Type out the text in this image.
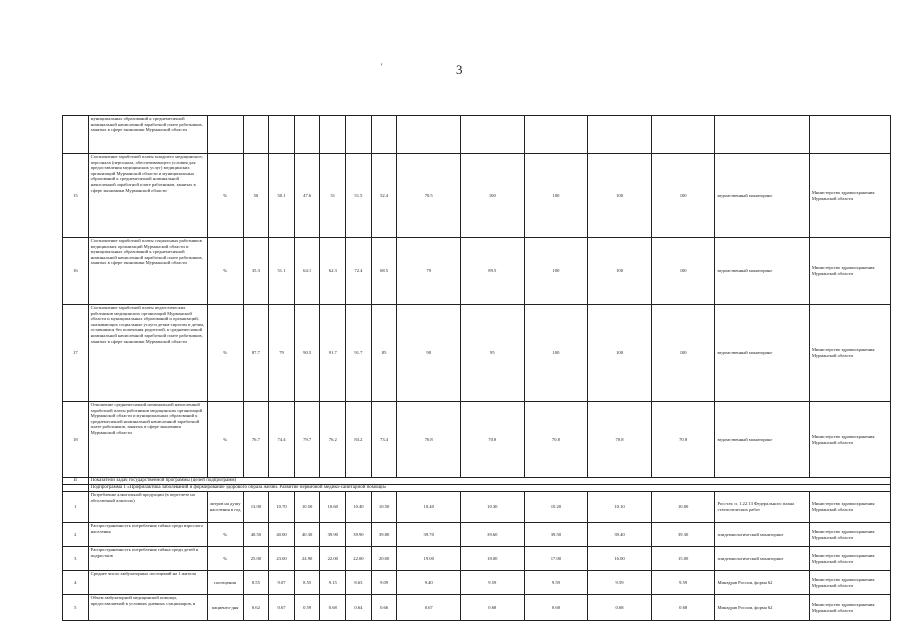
'	3
	муниципальных образований к среднемесячной номинальной начисленной заработной плате работников, занятых в сфере экономики Мурманской области														
15	Соотношение заработной платы младшего медицинского персонала (персонала, обеспечивающего условия для предоставления медицинских услуг) медицинских организаций Мурманской области и муниципальных образований к среднемесячной номинальной начисленной заработной плате работников, занятых в сфере экономики Мурманской области	%	50	50.1	47.6	51	51.5	52.4	70.5	100	100	100	100	ведомственный мониторинг	Министерство здравоохранения Мурманской области
16	Соотношение заработной платы социальных работников медицинских организаций Мурманской области и муниципальных образований к среднемесячной номинальной начисленной заработной плате работников, занятых в сфере экономики Мурманской области	%	35.3	51.1	64.1	62.3	72.4	68.5	79	89.5	100	100	100	ведомственный мониторинг	Министерство здравоохранения Мурманской области
17	Соотношение заработной платы педагогических работников медицинских организаций Мурманской области и муниципальных образований и организаций, оказывающих социальные услуги детям-сиротам и детям, оставшимся без попечения родителей, к среднемесячной номинальной начисленной заработной плате работников, занятых в сфере экономики Мурманской области	%	87.7	79	90.5	91.7	91.7	85	90	95	100	100	100	ведомственный мониторинг	Министерство здравоохранения Мурманской области
18	Отношение среднемесячной номинальной начисленной заработной платы работников медицинских организаций Мурманской области и муниципальных образований к среднемесячной номинальной начисленной заработной плате работников, занятых в сфере экономики Мурманской области	%	76.7	74.4	79.7	76.2	83.2	73.4	70.8	70.8	70.8	70.8	70.8	ведомственный мониторинг	Министерство здравоохранения Мурманской области
II	Показатели задач государственной программы (целей подпрограмм)														
	Подпрограмма 1 «Профилактика заболеваний и формирование здорового образа жизни. Развитие первичной медико-санитарной помощи»														
1	Потребление алкогольной продукции (в пересчете на абсолютный алкоголь)	литров на душу населения в год	13.00	10.70	10.50	10.60	10.40	10.50	10.40	10.30	10.20	10.10	10.00	Росстат, п. 1.22.13 Федерального плана статистических работ	Министерство здравоохранения Мурманской области
2	Распространенность потребления табака среди взрослого населения	%	40.50	40.00	40.30	39.90	39.90	39.80	39.70	39.60	39.50	39.40	39.30	эпидемиологический мониторинг	Министерство здравоохранения Мурманской области
3	Распространенность потребления табака среди детей и подростков	%	25.00	23.00	24.90	22.00	22.00	20.00	19.00	18.00	17.00	16.00	15.00	эпидемиологический мониторинг	Министерство здравоохранения Мурманской области
4	Среднее число амбулаторных посещений на 1 жителя	посещения	8.55	9.07	8.55	9.15	8.63	9.09	9.40	9.59	9.59	9.59	9.59	Минздрав России, форма 62	Министерство здравоохранения Мурманской области
5	Объем амбулаторной медицинской помощи, предоставляемой в условиях дневных стационаров, в	пациенто-дня	0.62	0.67	0.59	0.68	0.64	0.66	0.67	0.68	0.68	0.68	0.68	Минздрав России, форма 62	Министерство здравоохранения Мурманской области
